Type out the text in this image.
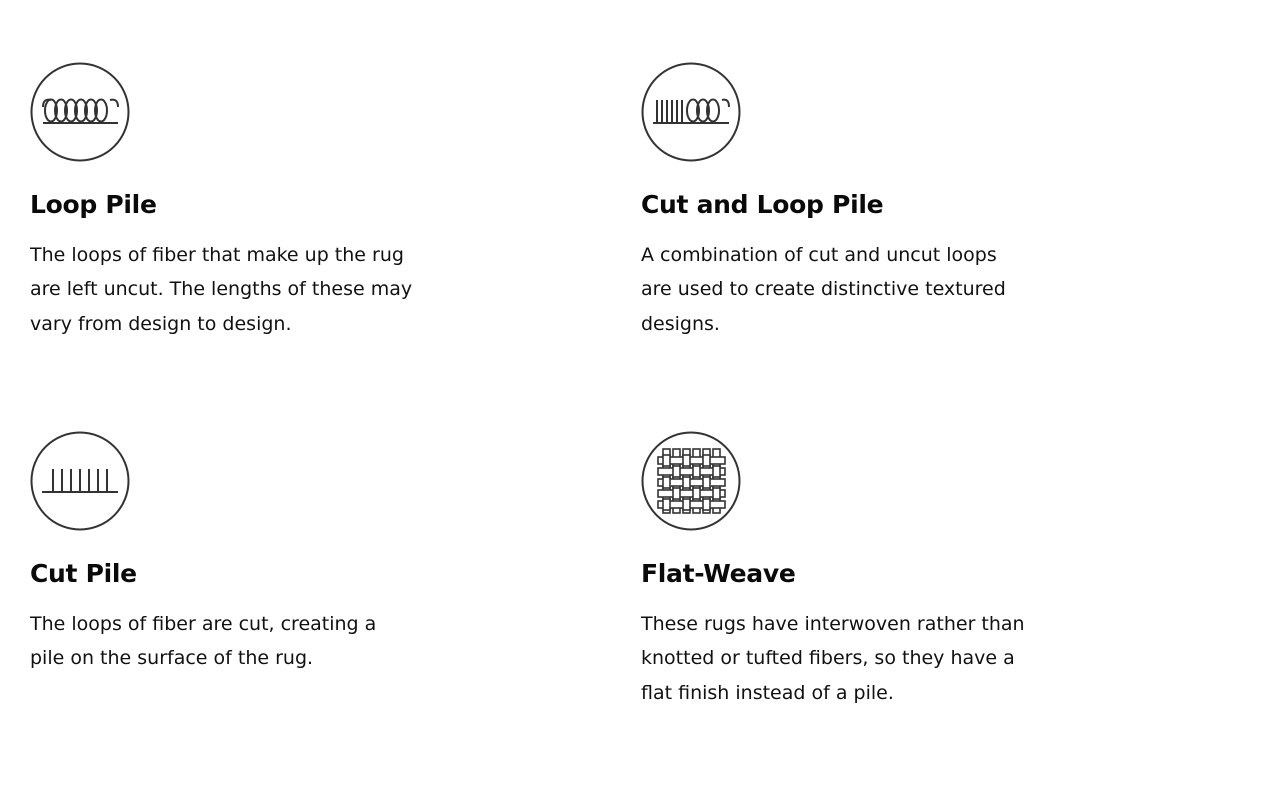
Loop Pile

The loops of fiber that make up the rug are left uncut. The lengths of these may vary from design to design.

Cut and Loop Pile

A combination of cut and uncut loops are used to create distinctive textured designs.

Cut Pile

The loops of fiber are cut, creating a pile on the surface of the rug.

Flat-Weave

These rugs have interwoven rather than knotted or tufted fibers, so they have a flat finish instead of a pile.
